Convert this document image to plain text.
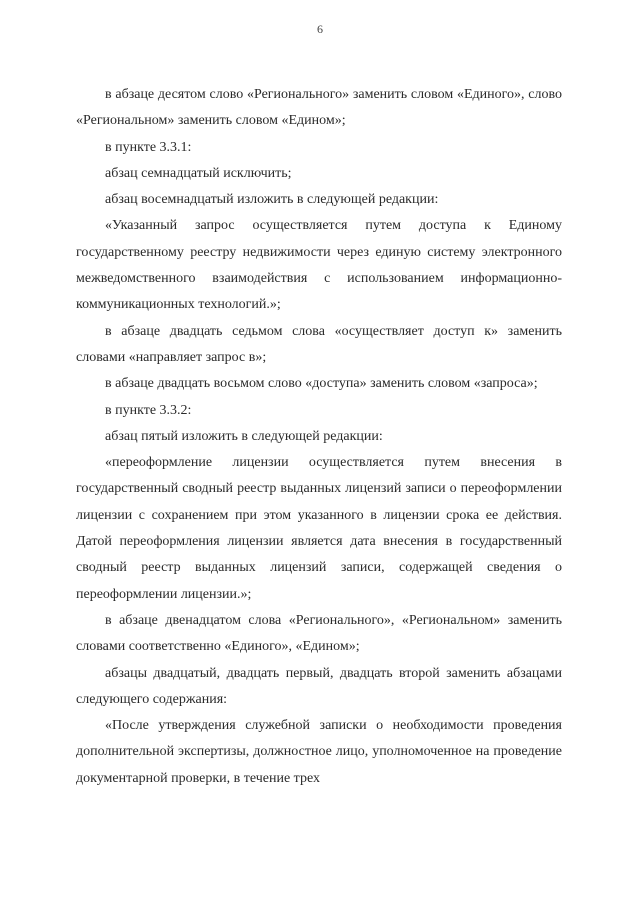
6

в абзаце десятом слово «Регионального» заменить словом «Единого», слово «Региональном» заменить словом «Едином»;

в пункте 3.3.1:

абзац семнадцатый исключить;

абзац восемнадцатый изложить в следующей редакции:

«Указанный запрос осуществляется путем доступа к Единому государственному реестру недвижимости через единую систему электронного межведомственного взаимодействия с использованием информационно-коммуникационных технологий.»;

в абзаце двадцать седьмом слова «осуществляет доступ к» заменить словами «направляет запрос в»;

в абзаце двадцать восьмом слово «доступа» заменить словом «запроса»;

в пункте 3.3.2:

абзац пятый изложить в следующей редакции:

«переоформление лицензии осуществляется путем внесения в государственный сводный реестр выданных лицензий записи о переоформлении лицензии с сохранением при этом указанного в лицензии срока ее действия. Датой переоформления лицензии является дата внесения в государственный сводный реестр выданных лицензий записи, содержащей сведения о переоформлении лицензии.»;

в абзаце двенадцатом слова «Регионального», «Региональном» заменить словами соответственно «Единого», «Едином»;

абзацы двадцатый, двадцать первый, двадцать второй заменить абзацами следующего содержания:

«После утверждения служебной записки о необходимости проведения дополнительной экспертизы, должностное лицо, уполномоченное на проведение документарной проверки, в течение трех
